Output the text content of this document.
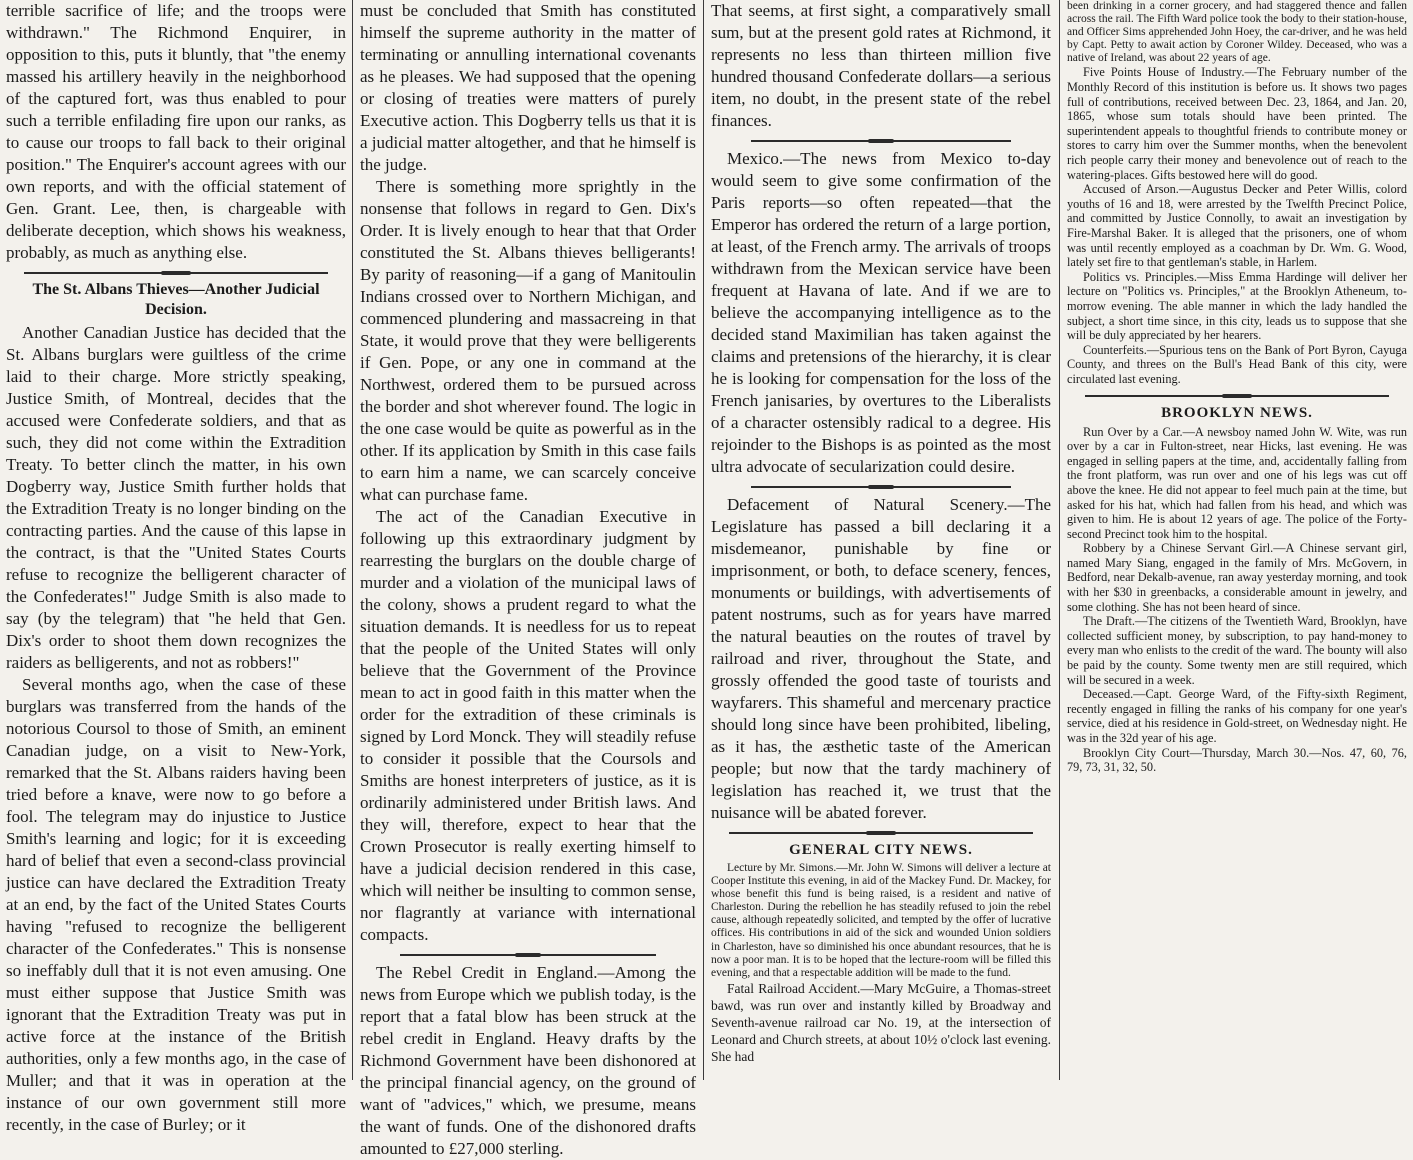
terrible sacrifice of life; and the troops were withdrawn." The Richmond Enquirer, in opposition to this, puts it bluntly, that "the enemy massed his artillery heavily in the neighborhood of the captured fort, was thus enabled to pour such a terrible enfilading fire upon our ranks, as to cause our troops to fall back to their original position." The Enquirer's account agrees with our own reports, and with the official statement of Gen. Grant. Lee, then, is chargeable with deliberate deception, which shows his weakness, probably, as much as anything else.

The St. Albans Thieves—Another Judicial Decision.

Another Canadian Justice has decided that the St. Albans burglars were guiltless of the crime laid to their charge. More strictly speaking, Justice Smith, of Montreal, decides that the accused were Confederate soldiers, and that as such, they did not come within the Extradition Treaty. To better clinch the matter, in his own Dogberry way, Justice Smith further holds that the Extradition Treaty is no longer binding on the contracting parties. And the cause of this lapse in the contract, is that the "United States Courts refuse to recognize the belligerent character of the Confederates!" Judge Smith is also made to say (by the telegram) that "he held that Gen. Dix's order to shoot them down recognizes the raiders as belligerents, and not as robbers!"

Several months ago, when the case of these burglars was transferred from the hands of the notorious Coursol to those of Smith, an eminent Canadian judge, on a visit to New-York, remarked that the St. Albans raiders having been tried before a knave, were now to go before a fool. The telegram may do injustice to Justice Smith's learning and logic; for it is exceeding hard of belief that even a second-class provincial justice can have declared the Extradition Treaty at an end, by the fact of the United States Courts having "refused to recognize the belligerent character of the Confederates." This is nonsense so ineffably dull that it is not even amusing. One must either suppose that Justice Smith was ignorant that the Extradition Treaty was put in active force at the instance of the British authorities, only a few months ago, in the case of Muller; and that it was in operation at the instance of our own government still more recently, in the case of Burley; or it

must be concluded that Smith has constituted himself the supreme authority in the matter of terminating or annulling international covenants as he pleases. We had supposed that the opening or closing of treaties were matters of purely Executive action. This Dogberry tells us that it is a judicial matter altogether, and that he himself is the judge.

There is something more sprightly in the nonsense that follows in regard to Gen. Dix's Order. It is lively enough to hear that that Order constituted the St. Albans thieves belligerants! By parity of reasoning—if a gang of Manitoulin Indians crossed over to Northern Michigan, and commenced plundering and massacreing in that State, it would prove that they were belligerents if Gen. Pope, or any one in command at the Northwest, ordered them to be pursued across the border and shot wherever found. The logic in the one case would be quite as powerful as in the other. If its application by Smith in this case fails to earn him a name, we can scarcely conceive what can purchase fame.

The act of the Canadian Executive in following up this extraordinary judgment by rearresting the burglars on the double charge of murder and a violation of the municipal laws of the colony, shows a prudent regard to what the situation demands. It is needless for us to repeat that the people of the United States will only believe that the Government of the Province mean to act in good faith in this matter when the order for the extradition of these criminals is signed by Lord Monck. They will steadily refuse to consider it possible that the Coursols and Smiths are honest interpreters of justice, as it is ordinarily administered under British laws. And they will, therefore, expect to hear that the Crown Prosecutor is really exerting himself to have a judicial decision rendered in this case, which will neither be insulting to common sense, nor flagrantly at variance with international compacts.

The Rebel Credit in England.—Among the news from Europe which we publish today, is the report that a fatal blow has been struck at the rebel credit in England. Heavy drafts by the Richmond Government have been dishonored at the principal financial agency, on the ground of want of "advices," which, we presume, means the want of funds. One of the dishonored drafts amounted to £27,000 sterling.

That seems, at first sight, a comparatively small sum, but at the present gold rates at Richmond, it represents no less than thirteen million five hundred thousand Confederate dollars—a serious item, no doubt, in the present state of the rebel finances.

Mexico.—The news from Mexico to-day would seem to give some confirmation of the Paris reports—so often repeated—that the Emperor has ordered the return of a large portion, at least, of the French army. The arrivals of troops withdrawn from the Mexican service have been frequent at Havana of late. And if we are to believe the accompanying intelligence as to the decided stand Maximilian has taken against the claims and pretensions of the hierarchy, it is clear he is looking for compensation for the loss of the French janisaries, by overtures to the Liberalists of a character ostensibly radical to a degree. His rejoinder to the Bishops is as pointed as the most ultra advocate of secularization could desire.

Defacement of Natural Scenery.—The Legislature has passed a bill declaring it a misdemeanor, punishable by fine or imprisonment, or both, to deface scenery, fences, monuments or buildings, with advertisements of patent nostrums, such as for years have marred the natural beauties on the routes of travel by railroad and river, throughout the State, and grossly offended the good taste of tourists and wayfarers. This shameful and mercenary practice should long since have been prohibited, libeling, as it has, the æsthetic taste of the American people; but now that the tardy machinery of legislation has reached it, we trust that the nuisance will be abated forever.

GENERAL CITY NEWS.

Lecture by Mr. Simons.—Mr. John W. Simons will deliver a lecture at Cooper Institute this evening, in aid of the Mackey Fund. Dr. Mackey, for whose benefit this fund is being raised, is a resident and native of Charleston. During the rebellion he has steadily refused to join the rebel cause, although repeatedly solicited, and tempted by the offer of lucrative offices. His contributions in aid of the sick and wounded Union soldiers in Charleston, have so diminished his once abundant resources, that he is now a poor man. It is to be hoped that the lecture-room will be filled this evening, and that a respectable addition will be made to the fund.

Fatal Railroad Accident.—Mary McGuire, a Thomas-street bawd, was run over and instantly killed by Broadway and Seventh-avenue railroad car No. 19, at the intersection of Leonard and Church streets, at about 10½ o'clock last evening. She had

been drinking in a corner grocery, and had staggered thence and fallen across the rail. The Fifth Ward police took the body to their station-house, and Officer Sims apprehended John Hoey, the car-driver, and he was held by Capt. Petty to await action by Coroner Wildey. Deceased, who was a native of Ireland, was about 22 years of age.

Five Points House of Industry.—The February number of the Monthly Record of this institution is before us. It shows two pages full of contributions, received between Dec. 23, 1864, and Jan. 20, 1865, whose sum totals should have been printed. The superintendent appeals to thoughtful friends to contribute money or stores to carry him over the Summer months, when the benevolent rich people carry their money and benevolence out of reach to the watering-places. Gifts bestowed here will do good.

Accused of Arson.—Augustus Decker and Peter Willis, colord youths of 16 and 18, were arrested by the Twelfth Precinct Police, and committed by Justice Connolly, to await an investigation by Fire-Marshal Baker. It is alleged that the prisoners, one of whom was until recently employed as a coachman by Dr. Wm. G. Wood, lately set fire to that gentleman's stable, in Harlem.

Politics vs. Principles.—Miss Emma Hardinge will deliver her lecture on "Politics vs. Principles," at the Brooklyn Atheneum, to-morrow evening. The able manner in which the lady handled the subject, a short time since, in this city, leads us to suppose that she will be duly appreciated by her hearers.

Counterfeits.—Spurious tens on the Bank of Port Byron, Cayuga County, and threes on the Bull's Head Bank of this city, were circulated last evening.

BROOKLYN NEWS.

Run Over by a Car.—A newsboy named John W. Wite, was run over by a car in Fulton-street, near Hicks, last evening. He was engaged in selling papers at the time, and, accidentally falling from the front platform, was run over and one of his legs was cut off above the knee. He did not appear to feel much pain at the time, but asked for his hat, which had fallen from his head, and which was given to him. He is about 12 years of age. The police of the Forty-second Precinct took him to the hospital.

Robbery by a Chinese Servant Girl.—A Chinese servant girl, named Mary Siang, engaged in the family of Mrs. McGovern, in Bedford, near Dekalb-avenue, ran away yesterday morning, and took with her $30 in greenbacks, a considerable amount in jewelry, and some clothing. She has not been heard of since.

The Draft.—The citizens of the Twentieth Ward, Brooklyn, have collected sufficient money, by subscription, to pay hand-money to every man who enlists to the credit of the ward. The bounty will also be paid by the county. Some twenty men are still required, which will be secured in a week.

Deceased.—Capt. George Ward, of the Fifty-sixth Regiment, recently engaged in filling the ranks of his company for one year's service, died at his residence in Gold-street, on Wednesday night. He was in the 32d year of his age.

Brooklyn City Court—Thursday, March 30.—Nos. 47, 60, 76, 79, 73, 31, 32, 50.
